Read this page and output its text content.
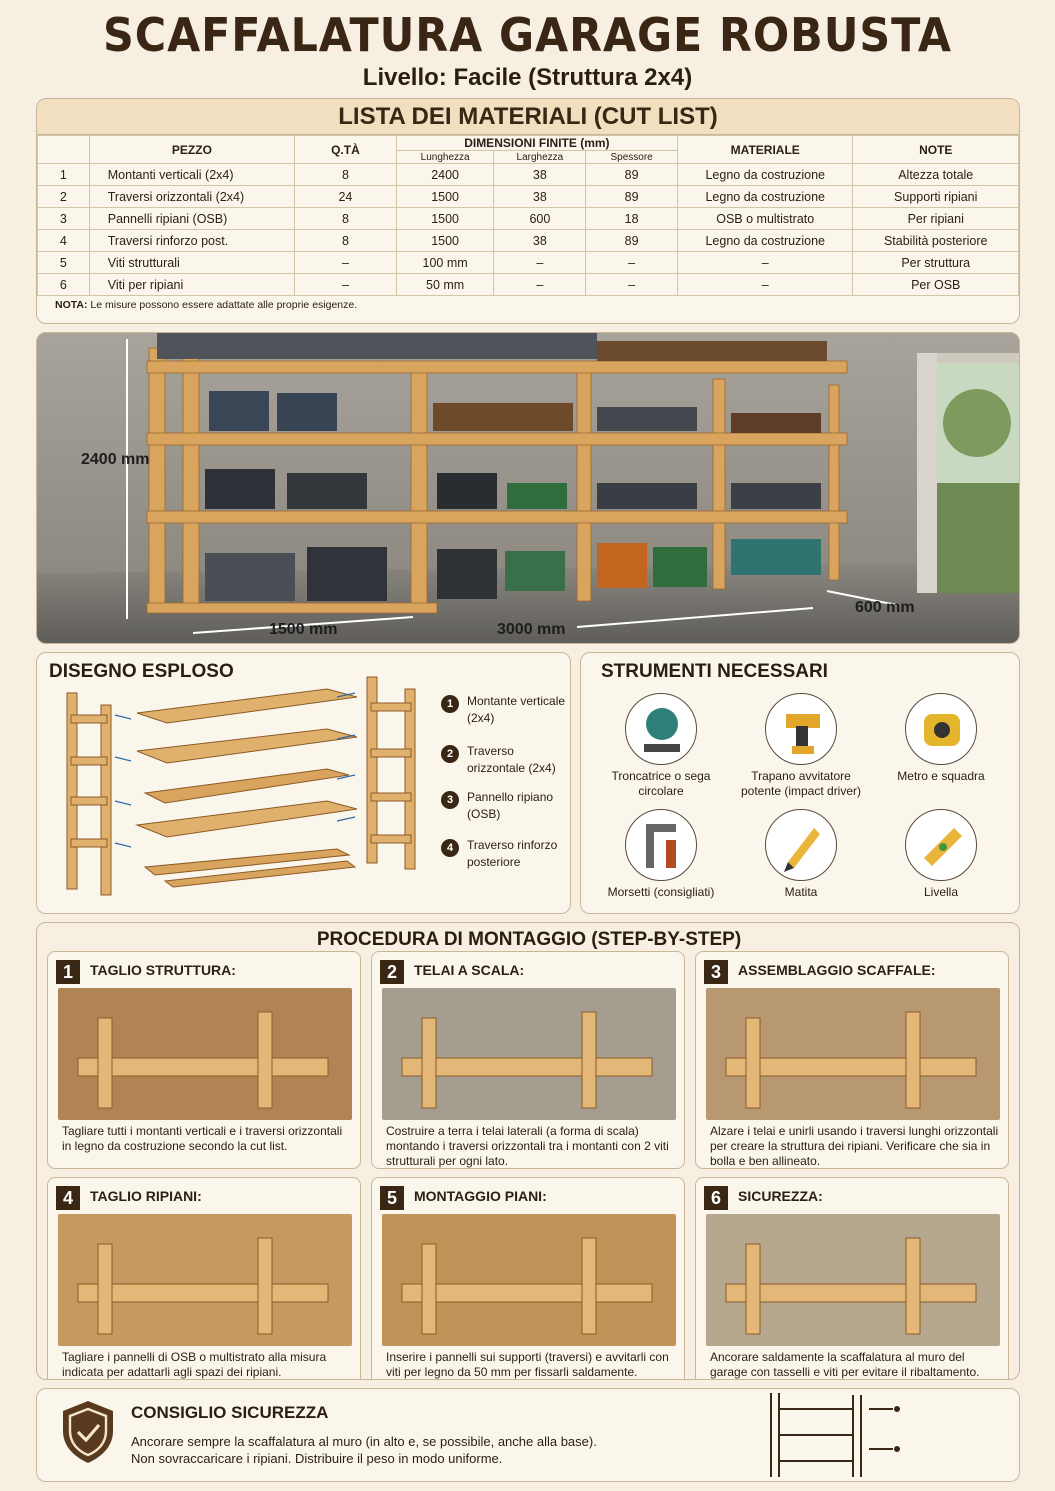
SCAFFALATURA GARAGE ROBUSTA
Livello: Facile (Struttura 2x4)
LISTA DEI MATERIALI (CUT LIST)
	PEZZO	Q.TÀ	DIMENSIONI FINITE (mm)			MATERIALE	NOTE
			Lunghezza	Larghezza	Spessore		
1	Montanti verticali (2x4)	8	2400	38	89	Legno da costruzione	Altezza totale
2	Traversi orizzontali (2x4)	24	1500	38	89	Legno da costruzione	Supporti ripiani
3	Pannelli ripiani (OSB)	8	1500	600	18	OSB o multistrato	Per ripiani
4	Traversi rinforzo post.	8	1500	38	89	Legno da costruzione	Stabilità posteriore
5	Viti strutturali	–	100 mm	–	–	–	Per struttura
6	Viti per ripiani	–	50 mm	–	–	–	Per OSB
NOTA: Le misure possono essere adattate alle proprie esigenze.
2400 mm
1500 mm	3000 mm
600 mm
DISEGNO ESPLOSO
1	Montante verticale (2x4)
2	Traverso orizzontale (2x4)
3	Pannello ripiano (OSB)
4	Traverso rinforzo posteriore
STRUMENTI NECESSARI
Troncatrice o sega circolare
Trapano avvitatore potente (impact driver)
Metro e squadra
Morsetti (consigliati)	Matita	Livella
PROCEDURA DI MONTAGGIO (STEP-BY-STEP)
1	TAGLIO STRUTTURA:
Tagliare tutti i montanti verticali e i traversi orizzontali in legno da costruzione secondo la cut list.
2	TELAI A SCALA:
Costruire a terra i telai laterali (a forma di scala) montando i traversi orizzontali tra i montanti con 2 viti strutturali per ogni lato.
3	ASSEMBLAGGIO SCAFFALE:
Alzare i telai e unirli usando i traversi lunghi orizzontali per creare la struttura dei ripiani. Verificare che sia in bolla e ben allineato.
4	TAGLIO RIPIANI:
Tagliare i pannelli di OSB o multistrato alla misura indicata per adattarli agli spazi dei ripiani.
5	MONTAGGIO PIANI:
Inserire i pannelli sui supporti (traversi) e avvitarli con viti per legno da 50 mm per fissarli saldamente.
6	SICUREZZA:
Ancorare saldamente la scaffalatura al muro del garage con tasselli e viti per evitare il ribaltamento.
CONSIGLIO SICUREZZA
Ancorare sempre la scaffalatura al muro (in alto e, se possibile, anche alla base).
Non sovraccaricare i ripiani. Distribuire il peso in modo uniforme.
